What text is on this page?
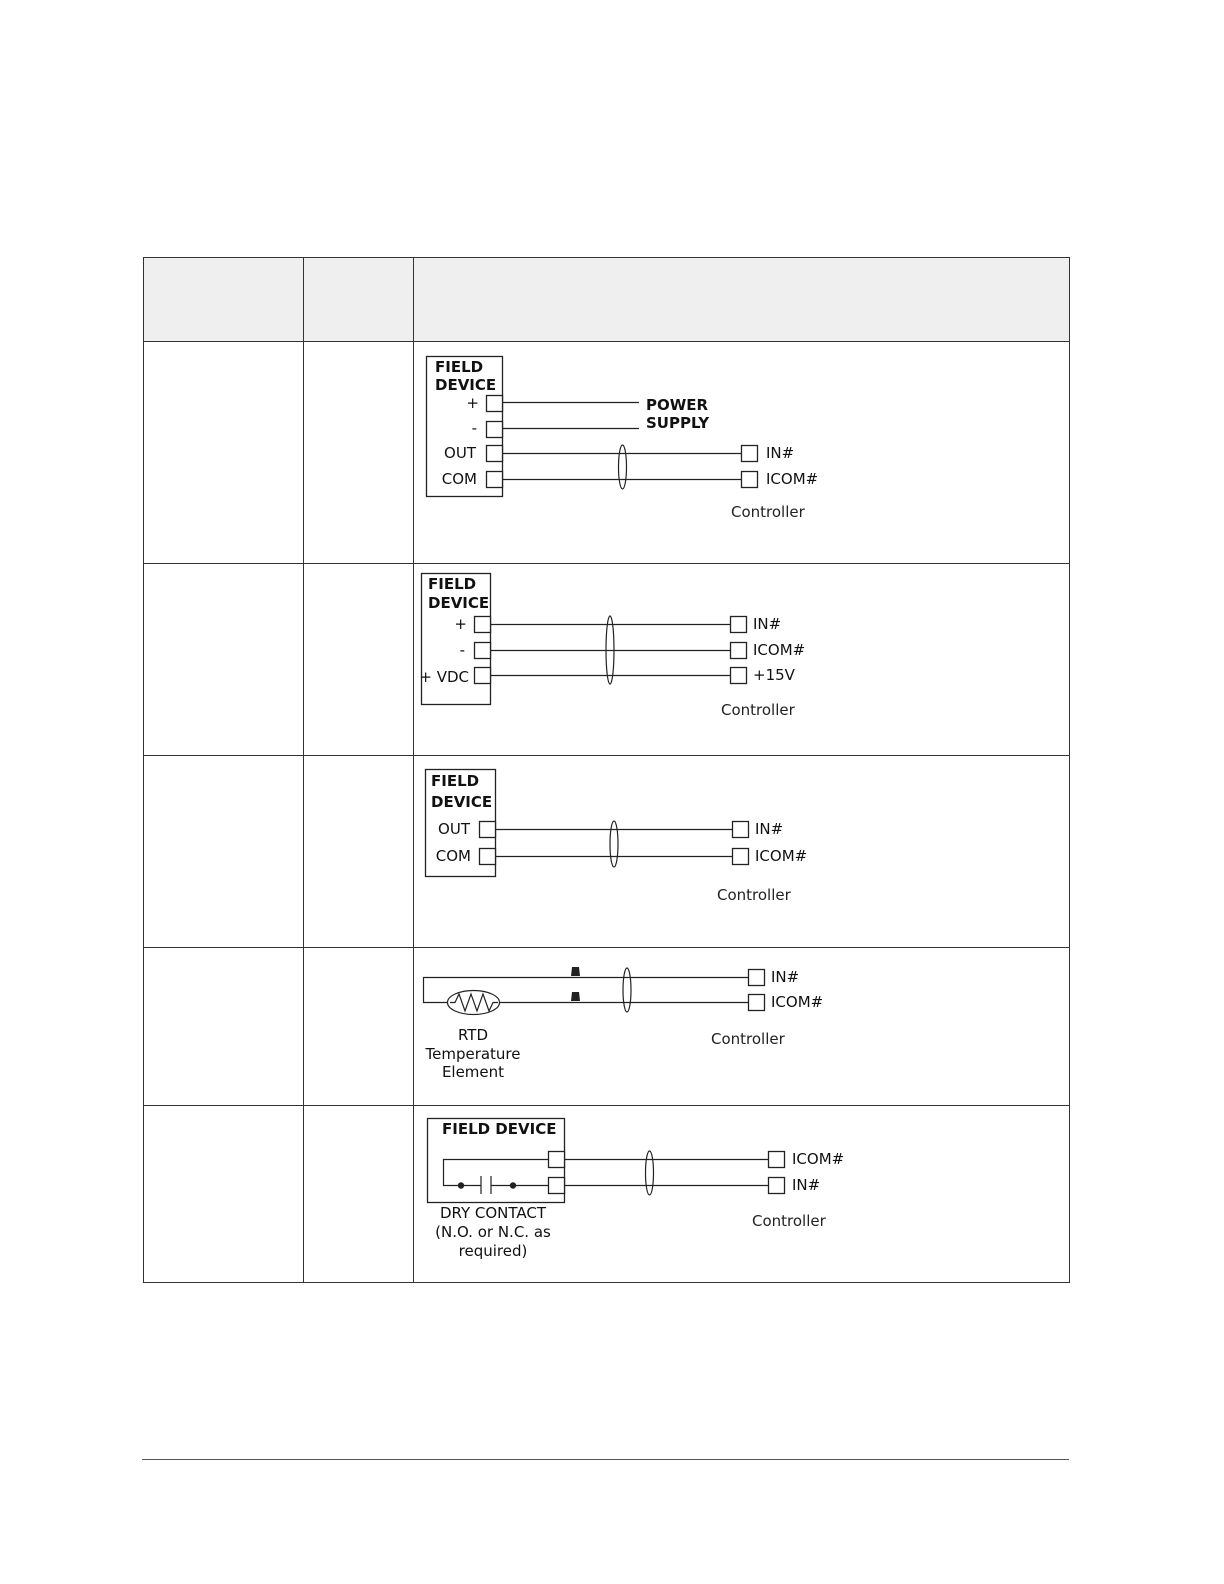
FIELD
DEVICE
+
-
OUT
COM
POWER
SUPPLY
IN#
ICOM#
Controller
FIELD
DEVICE
+
-
+ VDC
IN#
ICOM#
+15V
Controller
FIELD
DEVICE
OUT
COM
IN#
ICOM#
Controller
IN#
ICOM#
RTD
Temperature
Element
Controller
FIELD DEVICE
ICOM#
IN#
DRY CONTACT
(N.O. or N.C. as
required)
Controller
